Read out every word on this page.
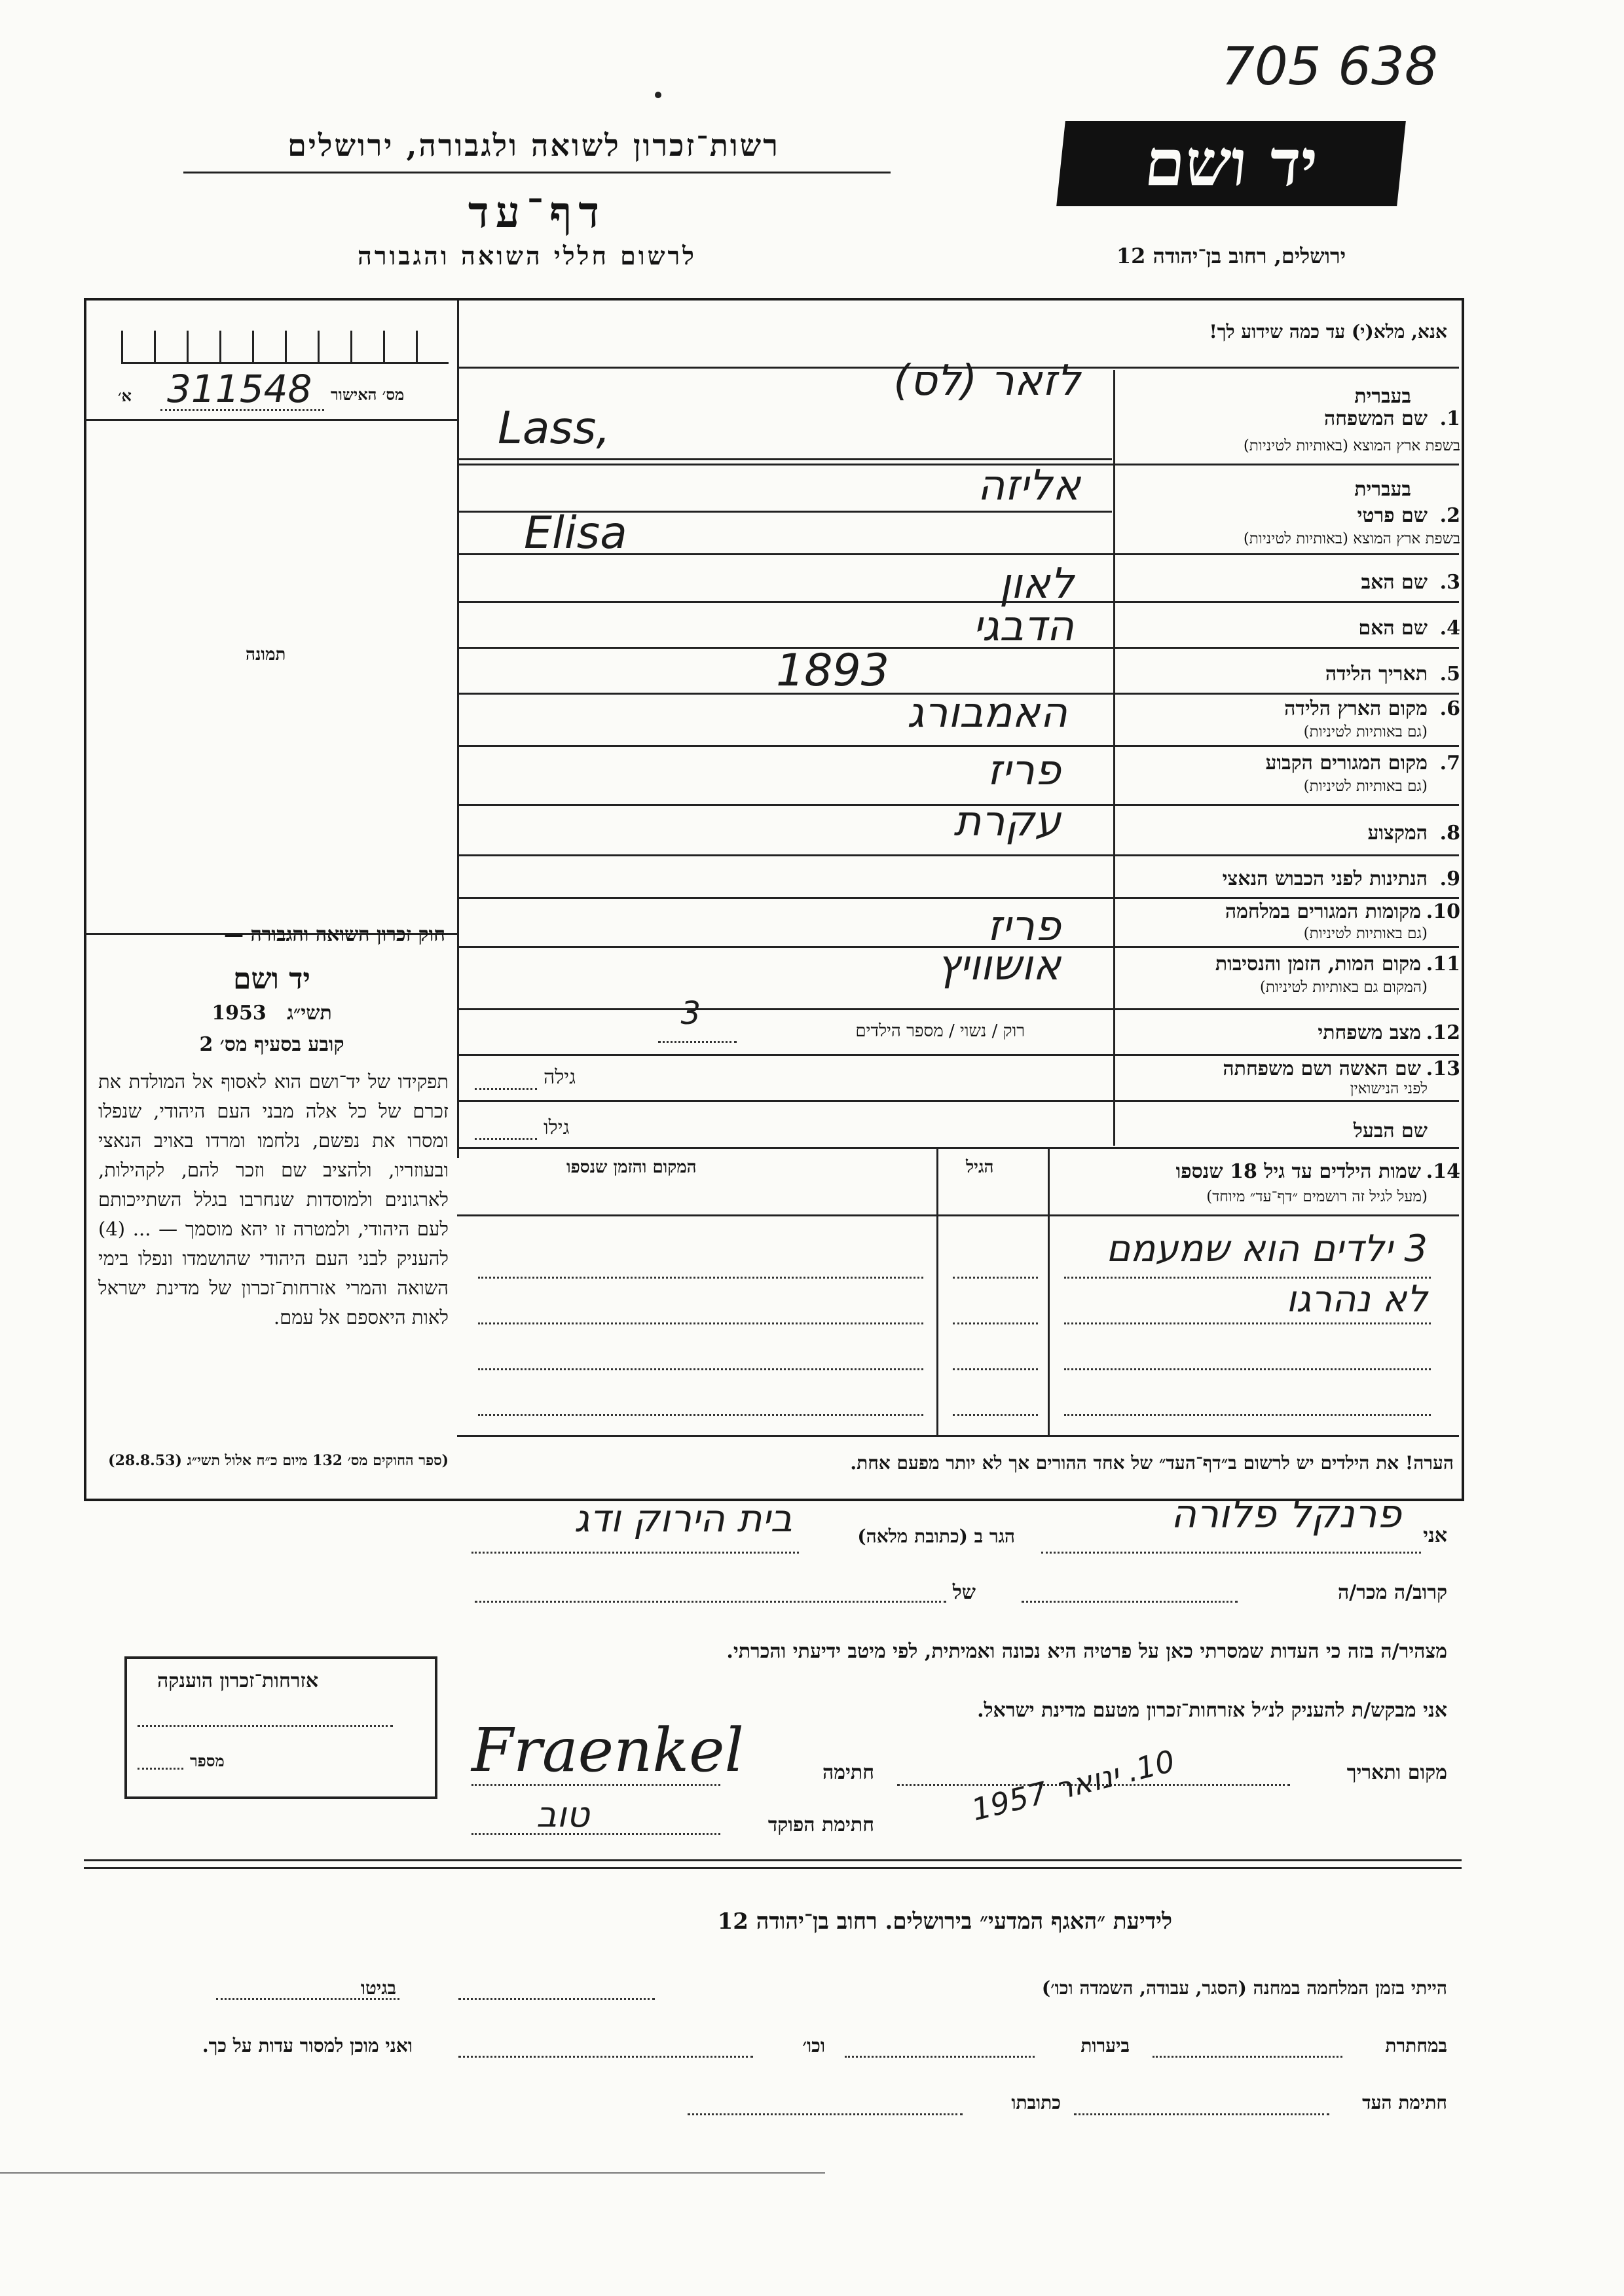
705 638
רשות־זכרון לשואה ולגבורה, ירושלים
דף־עד
לרשום חללי השואה והגבורה
יד ושם
ירושלים, רחוב בן־יהודה 12
אנא, מלא(י) עד כמה שידוע לך!
א׳ 311548 מס׳ האישור
תמונה
בעברית
1.
שם המשפחה
בשפת ארץ המוצא (באותיות לטיניות)
לזאר (לס)
Lass,
בעברית
2.
שם פרטי
בשפת ארץ המוצא (באותיות לטיניות)
אליזה
Elisa
3.
שם האב
לאון
4.
שם האם
הדבגי
5.
תאריך הלידה
1893
6.
מקום הארץ הלידה
(גם באותיות לטיניות)
האמבורג
7.
מקום המגורים הקבוע
(גם באותיות לטיניות)
פריז
8.
המקצוע
עקרת
9.
הנתינות לפני הכבוש הנאצי
10.
מקומות המגורים במלחמה
(גם באותיות לטיניות)
פריז
11.
מקום המות, הזמן והנסיבות
(המקום גם באותיות לטיניות)
אושוויץ
12.
מצב משפחתי
רוק / נשוי / מספר הילדים
3
13.
שם האשה ושם משפחתה
לפני הנישואין
גילה
שם הבעל
גילו
14.
שמות הילדים עד גיל 18 שנספו
(מעל לגיל זה רושמים ״דף־עד״ מיוחד)
הגיל
המקום והזמן שנספו
3 ילדים הוא שמעמם
לא נהרגו
חוק זכרון השואה והגבורה —
יד ושם
1953 תשי״ג
קובע בסעיף מס׳ 2
תפקידו של יד־ושם הוא לאסוף אל המולדת את זכרם של כל אלה מבני העם היהודי, שנפלו ומסרו את נפשם, נלחמו ומרדו באויב הנאצי ובעוזריו, ולהציב שם וזכר להם, לקהילות, לארגונים ולמוסדות שנחרבו בגלל השתייכותם לעם היהודי, ולמטרה זו יהא מוסמך — ... (4) להעניק לבני העם היהודי שהושמדו ונפלו בימי השואה והמרי אזרחות־זכרון של מדינת ישראל לאות היאספם אל עמם.
(ספר החוקים מס׳ 132 מיום כ״ח אלול תשי״ג (28.8.53)	הערה! את הילדים יש לרשום ב״דף־העד״ של אחד ההורים אך לא יותר מפעם אחת.
אני
פרנקל פלורה
הגר ב (כתובת מלאה)
בית הירוק ודג
קרוב/ה מכר/ה
של
מצהיר/ה בזה כי העדות שמסרתי כאן על פרטיה היא נכונה ואמיתית, לפי מיטב ידיעתי והכרתי.
אני מבקש/ת להעניק לנ״ל אזרחות־זכרון מטעם מדינת ישראל.
מקום ותאריך
10. ינואר 1957
חתימה
Fraenkel
חתימת הפוקד
טוב
אזרחות־זכרון הוענקה
מספר
לידיעת ״האגף המדעי״ בירושלים. רחוב בן־יהודה 12
הייתי בזמן המלחמה במחנה (הסגר, עבודה, השמדה וכו׳)
בגיטו
במחתרת
ביערות
וכו׳
ואני מוכן למסור עדות על כך.
חתימת העד
כתובתו
